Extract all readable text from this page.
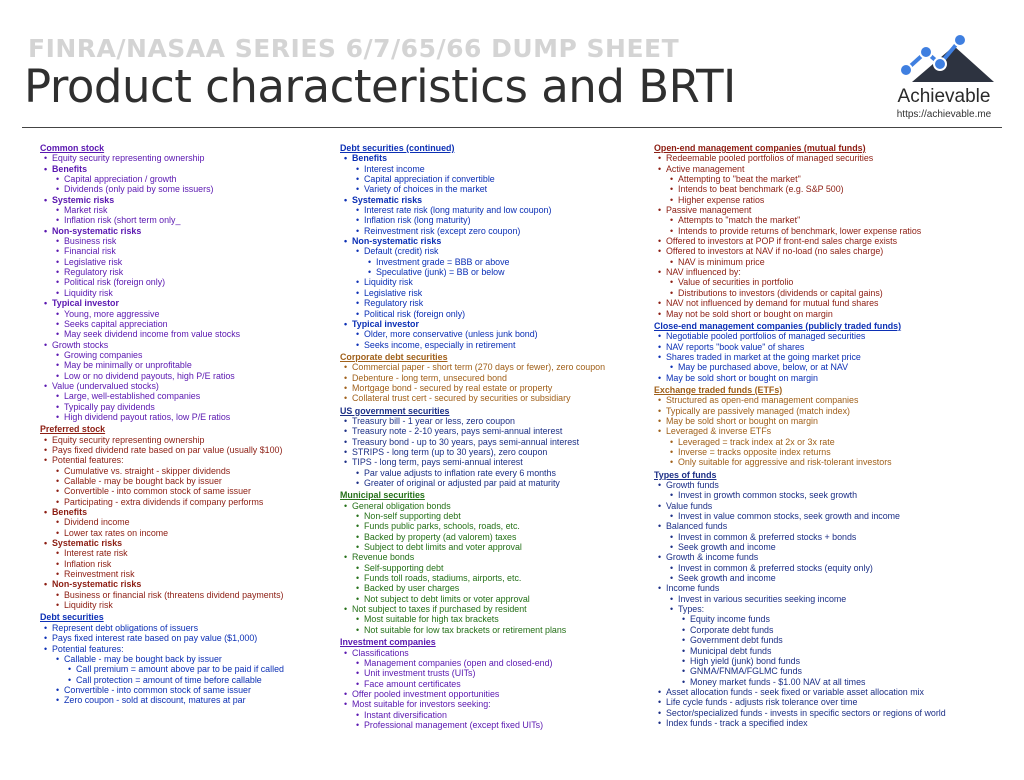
FINRA/NASAA SERIES 6/7/65/66 DUMP SHEET
Product characteristics and BRTI	Achievable
https://achievable.me
Common stock
• Equity security representing ownership
• Benefits
• Capital appreciation / growth
• Dividends (only paid by some issuers)
• Systemic risks
• Market risk
• Inflation risk (short term only_
• Non-systematic risks
• Business risk
• Financial risk
• Legislative risk
• Regulatory risk
• Political risk (foreign only)
• Liquidity risk
• Typical investor
• Young, more aggressive
• Seeks capital appreciation
• May seek dividend income from value stocks
• Growth stocks
• Growing companies
• May be minimally or unprofitable
• Low or no dividend payouts, high P/E ratios
• Value (undervalued stocks)
• Large, well-established companies
• Typically pay dividends
• High dividend payout ratios, low P/E ratios
Preferred stock
• Equity security representing ownership
• Pays fixed dividend rate based on par value (usually $100)
• Potential features:
• Cumulative vs. straight - skipper dividends
• Callable - may be bought back by issuer
• Convertible - into common stock of same issuer
• Participating - extra dividends if company performs
• Benefits
• Dividend income
• Lower tax rates on income
• Systematic risks
• Interest rate risk
• Inflation risk
• Reinvestment risk
• Non-systematic risks
• Business or financial risk (threatens dividend payments)
• Liquidity risk
Debt securities
• Represent debt obligations of issuers
• Pays fixed interest rate based on pay value ($1,000)
• Potential features:
• Callable - may be bought back by issuer
• Call premium = amount above par to be paid if called
• Call protection = amount of time before callable
• Convertible - into common stock of same issuer
• Zero coupon - sold at discount, matures at par
Debt securities (continued)
• Benefits
• Interest income
• Capital appreciation if convertible
• Variety of choices in the market
• Systematic risks
• Interest rate risk (long maturity and low coupon)
• Inflation risk (long maturity)
• Reinvestment risk (except zero coupon)
• Non-systematic risks
• Default (credit) risk
• Investment grade = BBB or above
• Speculative (junk) = BB or below
• Liquidity risk
• Legislative risk
• Regulatory risk
• Political risk (foreign only)
• Typical investor
• Older, more conservative (unless junk bond)
• Seeks income, especially in retirement
Corporate debt securities
• Commercial paper - short term (270 days or fewer), zero coupon
• Debenture - long term, unsecured bond
• Mortgage bond - secured by real estate or property
• Collateral trust cert - secured by securities or subsidiary
US government securities
• Treasury bill - 1 year or less, zero coupon
• Treasury note - 2-10 years, pays semi-annual interest
• Treasury bond - up to 30 years, pays semi-annual interest
• STRIPS - long term (up to 30 years), zero coupon
• TIPS - long term, pays semi-annual interest
• Par value adjusts to inflation rate every 6 months
• Greater of original or adjusted par paid at maturity
Municipal securities
• General obligation bonds
• Non-self supporting debt
• Funds public parks, schools, roads, etc.
• Backed by property (ad valorem) taxes
• Subject to debt limits and voter approval
• Revenue bonds
• Self-supporting debt
• Funds toll roads, stadiums, airports, etc.
• Backed by user charges
• Not subject to debt limits or voter approval
• Not subject to taxes if purchased by resident
• Most suitable for high tax brackets
• Not suitable for low tax brackets or retirement plans
Investment companies
• Classifications
• Management companies (open and closed-end)
• Unit investment trusts (UITs)
• Face amount certificates
• Offer pooled investment opportunities
• Most suitable for investors seeking:
• Instant diversification
• Professional management (except fixed UITs)
Open-end management companies (mutual funds)
• Redeemable pooled portfolios of managed securities
• Active management
• Attempting to "beat the market"
• Intends to beat benchmark (e.g. S&P 500)
• Higher expense ratios
• Passive management
• Attempts to "match the market"
• Intends to provide returns of benchmark, lower expense ratios
• Offered to investors at POP if front-end sales charge exists
• Offered to investors at NAV if no-load (no sales charge)
• NAV is minimum price
• NAV influenced by:
• Value of securities in portfolio
• Distributions to investors (dividends or capital gains)
• NAV not influenced by demand for mutual fund shares
• May not be sold short or bought on margin
Close-end management companies (publicly traded funds)
• Negotiable pooled portfolios of managed securities
• NAV reports "book value" of shares
• Shares traded in market at the going market price
• May be purchased above, below, or at NAV
• May be sold short or bought on margin
Exchange traded funds (ETFs)
• Structured as open-end management companies
• Typically are passively managed (match index)
• May be sold short or bought on margin
• Leveraged & inverse ETFs
• Leveraged = track index at 2x or 3x rate
• Inverse = tracks opposite index returns
• Only suitable for aggressive and risk-tolerant investors
Types of funds
• Growth funds
• Invest in growth common stocks, seek growth
• Value funds
• Invest in value common stocks, seek growth and income
• Balanced funds
• Invest in common & preferred stocks + bonds
• Seek growth and income
• Growth & income funds
• Invest in common & preferred stocks (equity only)
• Seek growth and income
• Income funds
• Invest in various securities seeking income
• Types:
• Equity income funds
• Corporate debt funds
• Government debt funds
• Municipal debt funds
• High yield (junk) bond funds
• GNMA/FNMA/FGLMC funds
• Money market funds - $1.00 NAV at all times
• Asset allocation funds - seek fixed or variable asset allocation mix
• Life cycle funds - adjusts risk tolerance over time
• Sector/specialized funds - invests in specific sectors or regions of world
• Index funds - track a specified index
